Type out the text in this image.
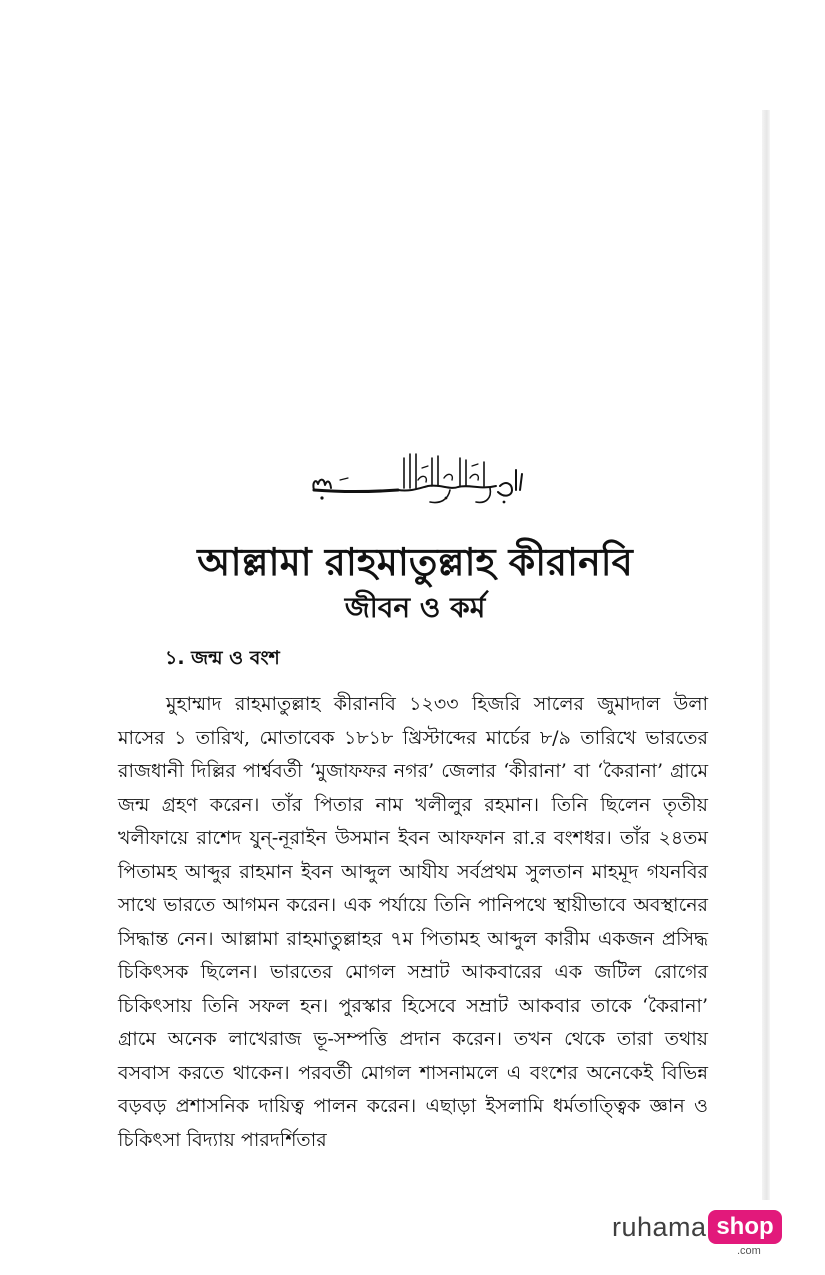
আল্লামা রাহমাতুল্লাহ কীরানবি
জীবন ও কর্ম
১. জন্ম ও বংশ

মুহাম্মাদ রাহমাতুল্লাহ কীরানবি ১২৩৩ হিজরি সালের জুমাদাল উলা মাসের ১ তারিখ, মোতাবেক ১৮১৮ খ্রিস্টাব্দের মার্চের ৮/৯ তারিখে ভারতের রাজধানী দিল্লির পার্শ্ববর্তী ‘মুজাফফর নগর’ জেলার ‘কীরানা’ বা ‘কৈরানা’ গ্রামে জন্ম গ্রহণ করেন। তাঁর পিতার নাম খলীলুর রহমান। তিনি ছিলেন তৃতীয় খলীফায়ে রাশেদ যুন্-নূরাইন উসমান ইবন আফফান রা.র বংশধর। তাঁর ২৪তম পিতামহ আব্দুর রাহমান ইবন আব্দুল আযীয সর্বপ্রথম সুলতান মাহমূদ গযনবির সাথে ভারতে আগমন করেন। এক পর্যায়ে তিনি পানিপথে স্থায়ীভাবে অবস্থানের সিদ্ধান্ত নেন। আল্লামা রাহমাতুল্লাহর ৭ম পিতামহ আব্দুল কারীম একজন প্রসিদ্ধ চিকিৎসক ছিলেন। ভারতের মোগল সম্রাট আকবারের এক জটিল রোগের চিকিৎসায় তিনি সফল হন। পুরস্কার হিসেবে সম্রাট আকবার তাকে ‘কৈরানা’ গ্রামে অনেক লাখেরাজ ভূ-সম্পত্তি প্রদান করেন। তখন থেকে তারা তথায় বসবাস করতে থাকেন। পরবর্তী মোগল শাসনামলে এ বংশের অনেকেই বিভিন্ন বড়বড় প্রশাসনিক দায়িত্ব পালন করেন। এছাড়া ইসলামি ধর্মতাত্ত্বিক জ্ঞান ও চিকিৎসা বিদ্যায় পারদর্শিতার

ruhama shop
.com
